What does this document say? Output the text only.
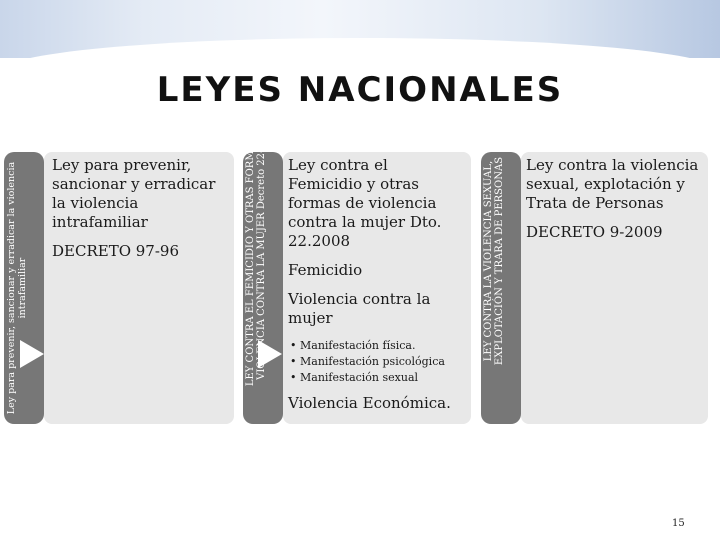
LEYES NACIONALES
Ley para prevenir, sancionar y erradicar la violencia intrafamiliar

Ley para prevenir, sancionar y erradicar la violencia intrafamiliar

DECRETO 97-96	LEY CONTRA EL FEMICIDIO Y OTRAS FORMAS DE VIOLENCIA CONTRA LA MUJER Decreto 22-2008	Ley contra el Femicidio y otras formas de violencia contra la mujer Dto. 22.2008

Femicidio

Violencia contra la mujer

• Manifestación física.
• Manifestación psicológica
• Manifestación sexual

Violencia Económica.

LEY CONTRA LA VIOLENCIA SEXUAL, EXPLOTACIÓN Y TRARA DE PERSONAS	Ley contra la violencia sexual, explotación y Trata de Personas

DECRETO 9-2009

15
